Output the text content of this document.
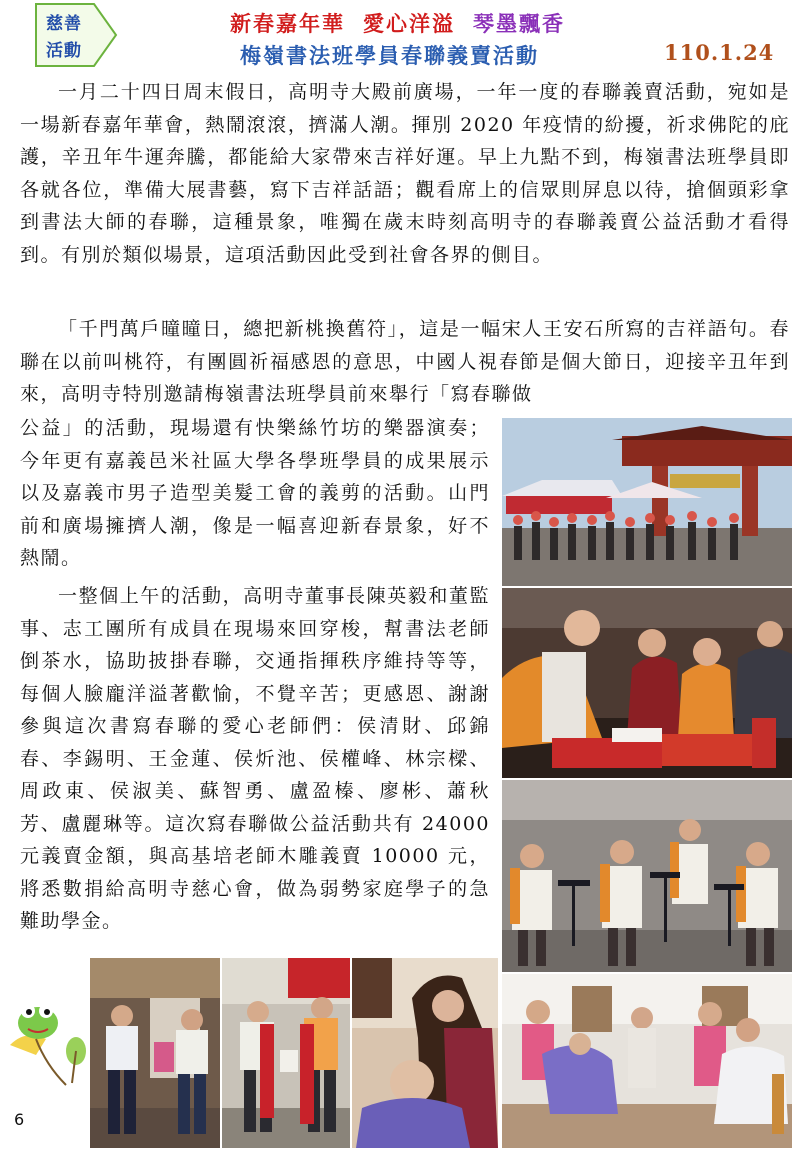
慈善
活動
新春嘉年華 愛心洋溢 琴墨飄香
梅嶺書法班學員春聯義賣活動	110.1.24
一月二十四日周末假日，高明寺大殿前廣場，一年一度的春聯義賣活動，宛如是一場新春嘉年華會，熱鬧滾滾，擠滿人潮。揮別 2020 年疫情的紛擾，祈求佛陀的庇護，辛丑年牛運奔騰，都能給大家帶來吉祥好運。早上九點不到，梅嶺書法班學員即各就各位，準備大展書藝，寫下吉祥話語；觀看席上的信眾則屏息以待，搶個頭彩拿到書法大師的春聯，這種景象，唯獨在歲末時刻高明寺的春聯義賣公益活動才看得到。有別於類似場景，這項活動因此受到社會各界的側目。
「千門萬戶曈曈日，總把新桃換舊符」，這是一幅宋人王安石所寫的吉祥語句。春聯在以前叫桃符，有團圓祈福感恩的意思，中國人視春節是個大節日，迎接辛丑年到來，高明寺特別邀請梅嶺書法班學員前來舉行「寫春聯做
公益」的活動，現場還有快樂絲竹坊的樂器演奏；今年更有嘉義邑米社區大學各學班學員的成果展示以及嘉義市男子造型美髮工會的義剪的活動。山門前和廣場擁擠人潮，像是一幅喜迎新春景象，好不熱鬧。
一整個上午的活動，高明寺董事長陳英毅和董監事、志工團所有成員在現場來回穿梭，幫書法老師倒茶水，協助披掛春聯，交通指揮秩序維持等等，每個人臉龐洋溢著歡愉，不覺辛苦；更感恩、謝謝參與這次書寫春聯的愛心老師們：侯清財、邱錦春、李錫明、王金蓮、侯炘池、侯權峰、林宗樑、周政東、侯淑美、蘇智勇、盧盈榛、廖彬、蕭秋芳、盧麗琳等。這次寫春聯做公益活動共有 24000 元義賣金額，與高基培老師木雕義賣 10000 元，將悉數捐給高明寺慈心會，做為弱勢家庭學子的急難助學金。
6
